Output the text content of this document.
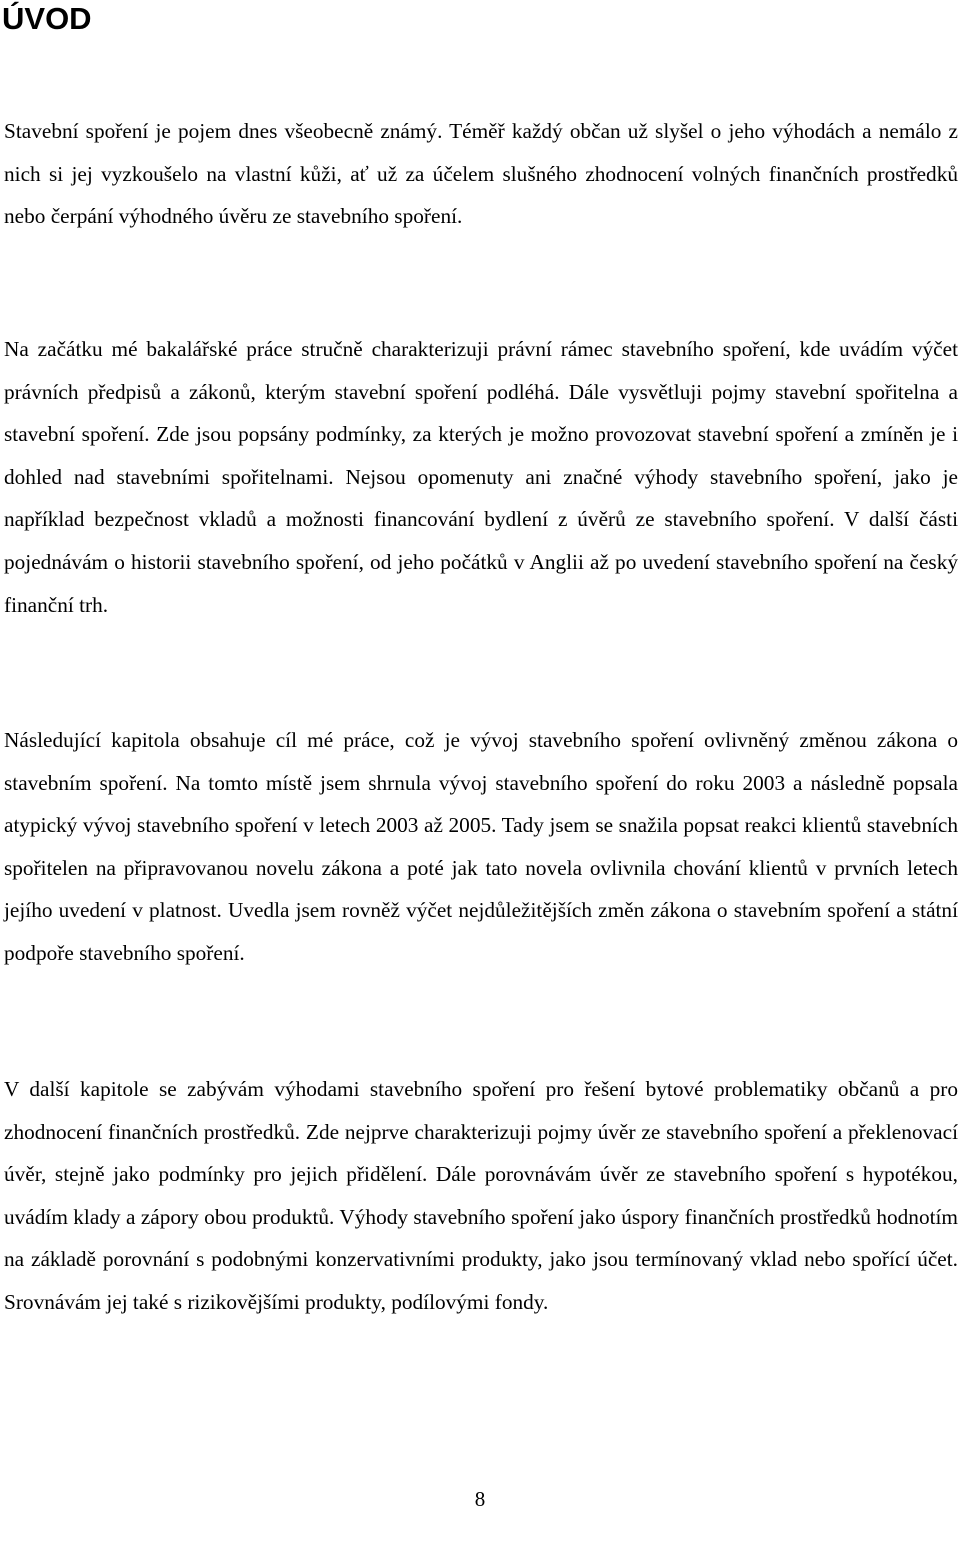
ÚVOD

Stavební spoření je pojem dnes všeobecně známý. Téměř každý občan už slyšel o jeho výhodách a nemálo z nich si jej vyzkoušelo na vlastní kůži, ať už za účelem slušného zhodnocení volných finančních prostředků nebo čerpání výhodného úvěru ze stavebního spoření.

Na začátku mé bakalářské práce stručně charakterizuji právní rámec stavebního spoření, kde uvádím výčet právních předpisů a zákonů, kterým stavební spoření podléhá. Dále vysvětluji pojmy stavební spořitelna a stavební spoření. Zde jsou popsány podmínky, za kterých je možno provozovat stavební spoření a zmíněn je i dohled nad stavebními spořitelnami. Nejsou opomenuty ani značné výhody stavebního spoření, jako je například bezpečnost vkladů a možnosti financování bydlení z úvěrů ze stavebního spoření. V další části pojednávám o historii stavebního spoření, od jeho počátků v Anglii až po uvedení stavebního spoření na český finanční trh.

Následující kapitola obsahuje cíl mé práce, což je vývoj stavebního spoření ovlivněný změnou zákona o stavebním spoření. Na tomto místě jsem shrnula vývoj stavebního spoření do roku 2003 a následně popsala atypický vývoj stavebního spoření v letech 2003 až 2005. Tady jsem se snažila popsat reakci klientů stavebních spořitelen na připravovanou novelu zákona a poté jak tato novela ovlivnila chování klientů v prvních letech jejího uvedení v platnost. Uvedla jsem rovněž výčet nejdůležitějších změn zákona o stavebním spoření a státní podpoře stavebního spoření.

V další kapitole se zabývám výhodami stavebního spoření pro řešení bytové problematiky občanů a pro zhodnocení finančních prostředků. Zde nejprve charakterizuji pojmy úvěr ze stavebního spoření a překlenovací úvěr, stejně jako podmínky pro jejich přidělení. Dále porovnávám úvěr ze stavebního spoření s hypotékou, uvádím klady a zápory obou produktů. Výhody stavebního spoření jako úspory finančních prostředků hodnotím na základě porovnání s podobnými konzervativními produkty, jako jsou termínovaný vklad nebo spořící účet. Srovnávám jej také s rizikovějšími produkty, podílovými fondy.

8
